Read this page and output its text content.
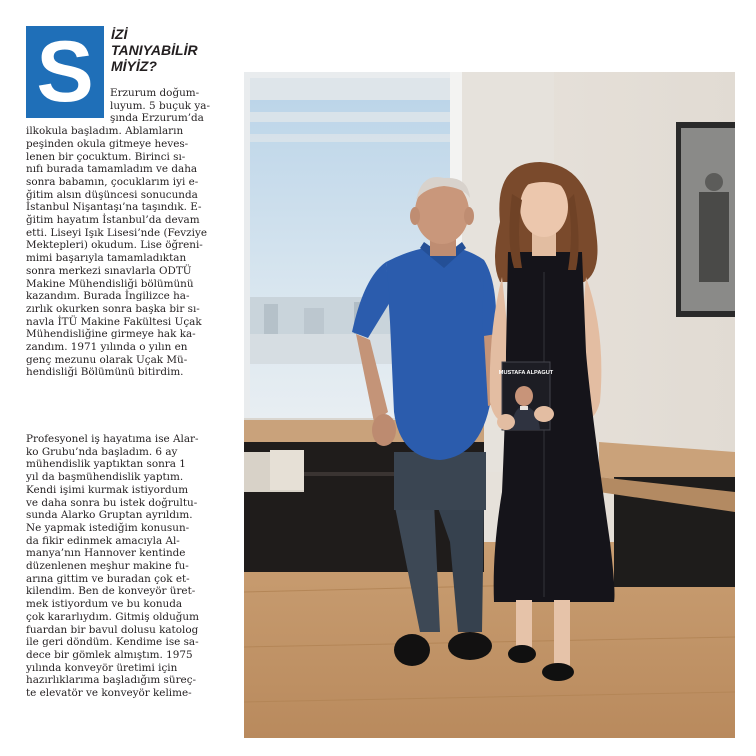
S	İZİ
TANIYABİLİR
MİYİZ?
Erzurum doğum-
luyum. 5 buçuk ya-
şında Erzurum’da
ilkokula başladım. Ablamların
peşinden okula gitmeye heves-
lenen bir çocuktum. Birinci sı-
nıfı burada tamamladım ve daha
sonra babamın, çocuklarım iyi e-
ğitim alsın düşüncesi sonucunda
İstanbul Nişantaşı’na taşındık. E-
ğitim hayatım İstanbul’da devam
etti. Liseyi Işık Lisesi’nde (Fevziye
Mektepleri) okudum. Lise öğreni-
mimi başarıyla tamamladıktan
sonra merkezi sınavlarla ODTÜ
Makine Mühendisliği bölümünü
kazandım. Burada İngilizce ha-
zırlık okurken sonra başka bir sı-
navla İTÜ Makine Fakültesi Uçak
Mühendisliğine girmeye hak ka-
zandım. 1971 yılında o yılın en
genç mezunu olarak Uçak Mü-
hendisliği Bölümünü bitirdim.
Profesyonel iş hayatıma ise Alar-
ko Grubu’nda başladım. 6 ay
mühendislik yaptıktan sonra 1
yıl da başmühendislik yaptım.
Kendi işimi kurmak istiyordum
ve daha sonra bu istek doğrultu-
sunda Alarko Gruptan ayrıldım.
Ne yapmak istediğim konusun-
da fikir edinmek amacıyla Al-
manya’nın Hannover kentinde
düzenlenen meşhur makine fu-
arına gittim ve buradan çok et-
kilendim. Ben de konveyör üret-
mek istiyordum ve bu konuda
çok kararlıydım. Gitmiş olduğum
fuardan bir bavul dolusu katolog
ile geri döndüm. Kendime ise sa-
dece bir gömlek almıştım. 1975
yılında konveyör üretimi için
hazırlıklarıma başladığım süreç-
te elevatör ve konveyör kelime-
MUSTAFA ALPAGUT
